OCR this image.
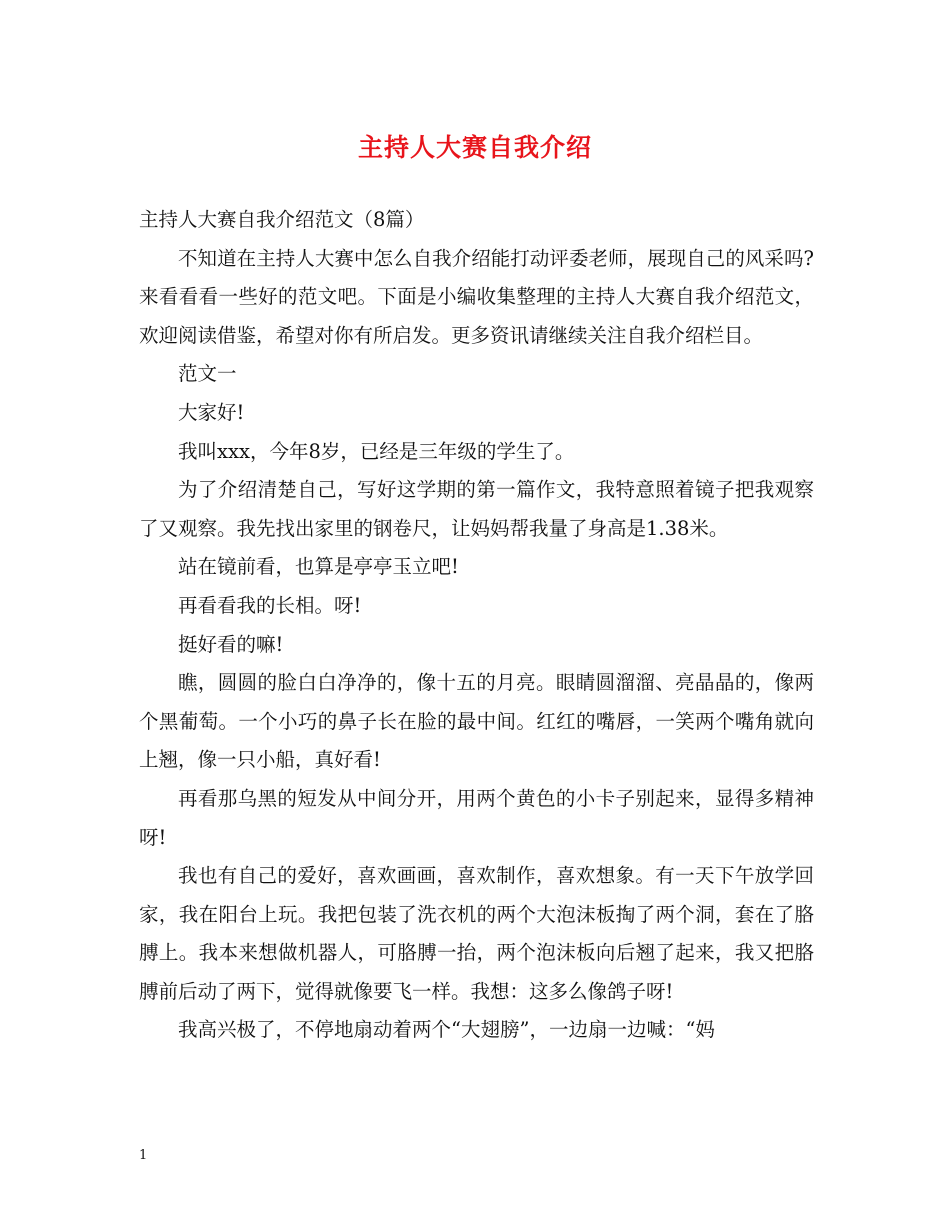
主持人大赛自我介绍

主持人大赛自我介绍范文（8篇）

不知道在主持人大赛中怎么自我介绍能打动评委老师，展现自己的风采吗?来看看看一些好的范文吧。下面是小编收集整理的主持人大赛自我介绍范文，欢迎阅读借鉴，希望对你有所启发。更多资讯请继续关注自我介绍栏目。

范文一

大家好!

我叫xxx，今年8岁，已经是三年级的学生了。

为了介绍清楚自己，写好这学期的第一篇作文，我特意照着镜子把我观察了又观察。我先找出家里的钢卷尺，让妈妈帮我量了身高是1.38米。

站在镜前看，也算是亭亭玉立吧!

再看看我的长相。呀!

挺好看的嘛!

瞧，圆圆的脸白白净净的，像十五的月亮。眼睛圆溜溜、亮晶晶的，像两个黑葡萄。一个小巧的鼻子长在脸的最中间。红红的嘴唇，一笑两个嘴角就向上翘，像一只小船，真好看!

再看那乌黑的短发从中间分开，用两个黄色的小卡子别起来，显得多精神呀!

我也有自己的爱好，喜欢画画，喜欢制作，喜欢想象。有一天下午放学回家，我在阳台上玩。我把包装了洗衣机的两个大泡沫板掏了两个洞，套在了胳膊上。我本来想做机器人，可胳膊一抬，两个泡沫板向后翘了起来，我又把胳膊前后动了两下，觉得就像要飞一样。我想：这多么像鸽子呀!

我高兴极了，不停地扇动着两个“大翅膀”，一边扇一边喊：“妈

1
